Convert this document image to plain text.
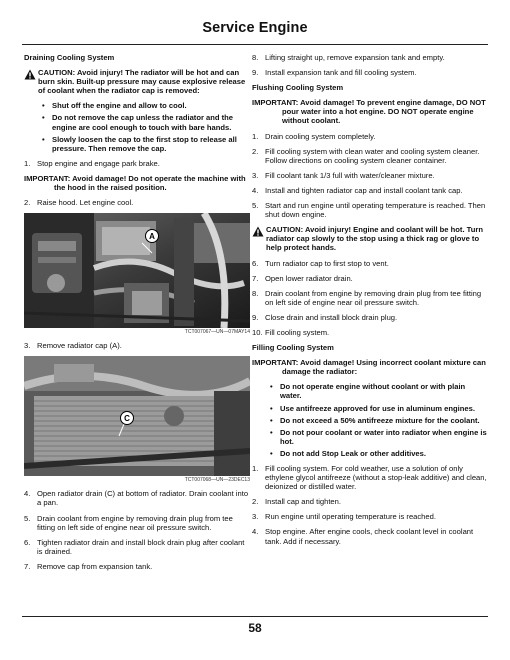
Service Engine
Draining Cooling System
CAUTION: Avoid injury! The radiator will be hot and can burn skin. Built-up pressure may cause explosive release of coolant when the radiator cap is removed:
• Shut off the engine and allow to cool.
• Do not remove the cap unless the radiator and the engine are cool enough to touch with bare hands.
• Slowly loosen the cap to the first stop to release all pressure. Then remove the cap.
1. Stop engine and engage park brake.
IMPORTANT: Avoid damage! Do not operate the machine with the hood in the raised position.
2. Raise hood. Let engine cool.
A
TCT007067—UN—07MAY14
3. Remove radiator cap (A).
C
TCT007068—UN—23DEC13
4. Open radiator drain (C) at bottom of radiator. Drain coolant into a pan.
5. Drain coolant from engine by removing drain plug from tee fitting on left side of engine near oil pressure switch.
6. Tighten radiator drain and install block drain plug after coolant is drained.
7. Remove cap from expansion tank.
8. Lifting straight up, remove expansion tank and empty.
9. Install expansion tank and fill cooling system.
Flushing Cooling System
IMPORTANT: Avoid damage! To prevent engine damage, DO NOT pour water into a hot engine. DO NOT operate engine without coolant.
1. Drain cooling system completely.
2. Fill cooling system with clean water and cooling system cleaner. Follow directions on cooling system cleaner container.
3. Fill coolant tank 1/3 full with water/cleaner mixture.
4. Install and tighten radiator cap and install coolant tank cap.
5. Start and run engine until operating temperature is reached. Then shut down engine.
CAUTION: Avoid injury! Engine and coolant will be hot. Turn radiator cap slowly to the stop using a thick rag or glove to help protect hands.
6. Turn radiator cap to first stop to vent.
7. Open lower radiator drain.
8. Drain coolant from engine by removing drain plug from tee fitting on left side of engine near oil pressure switch.
9. Close drain and install block drain plug.
10. Fill cooling system.
Filling Cooling System
IMPORTANT: Avoid damage! Using incorrect coolant mixture can damage the radiator:
• Do not operate engine without coolant or with plain water.
• Use antifreeze approved for use in aluminum engines.
• Do not exceed a 50% antifreeze mixture for the coolant.
• Do not pour coolant or water into radiator when engine is hot.
• Do not add Stop Leak or other additives.
1. Fill cooling system. For cold weather, use a solution of only ethylene glycol antifreeze (without a stop-leak additive) and clean, deionized or distilled water.
2. Install cap and tighten.
3. Run engine until operating temperature is reached.
4. Stop engine. After engine cools, check coolant level in coolant tank. Add if necessary.
58
